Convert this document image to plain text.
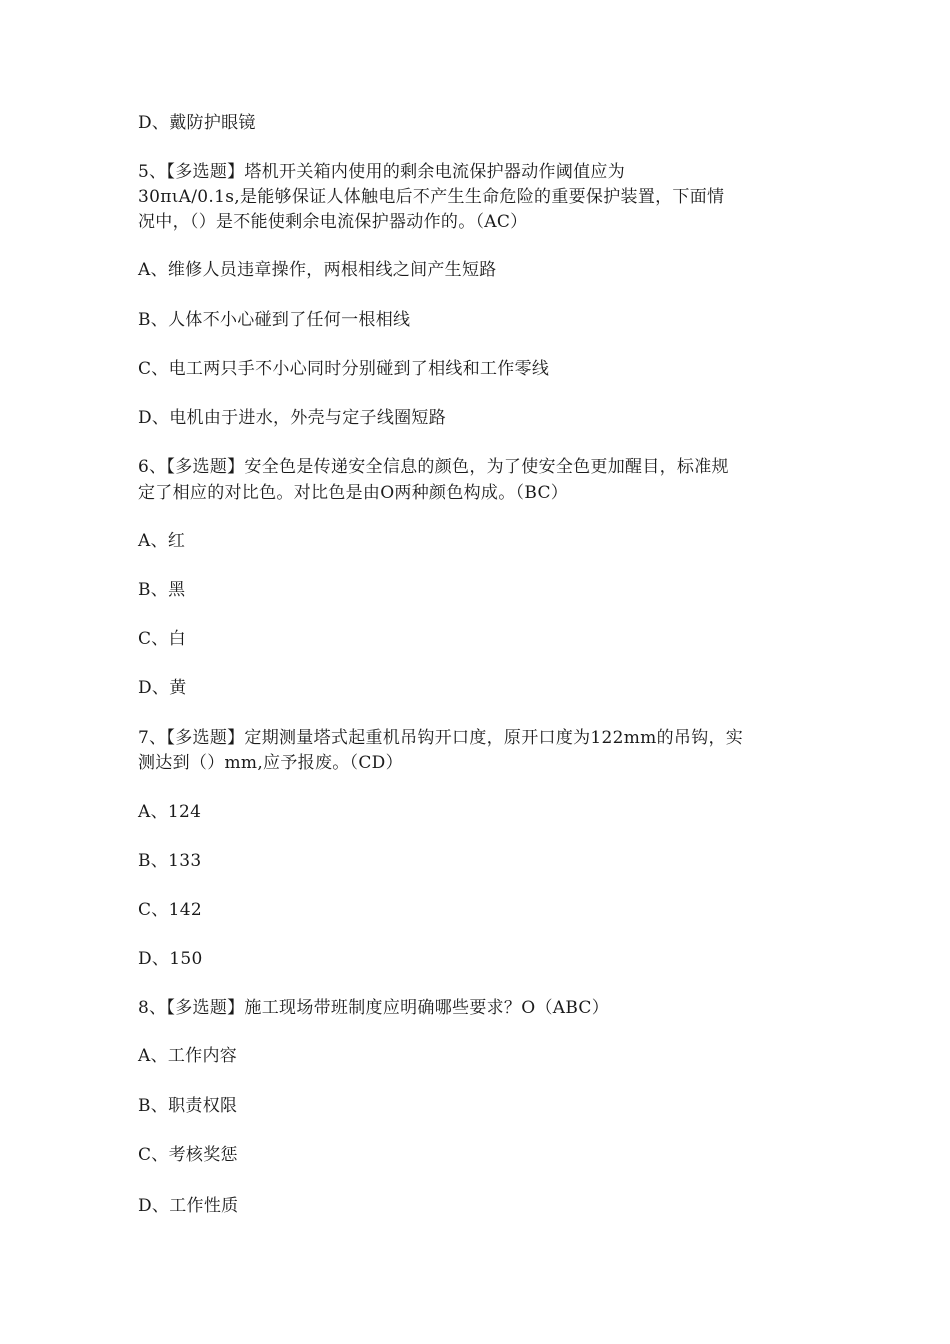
D、戴防护眼镜
5、【多选题】塔机开关箱内使用的剩余电流保护器动作阈值应为
30πιA/0.1s,是能够保证人体触电后不产生生命危险的重要保护装置，下面情
况中，（）是不能使剩余电流保护器动作的。（AC）
A、维修人员违章操作，两根相线之间产生短路
B、人体不小心碰到了任何一根相线
C、电工两只手不小心同时分别碰到了相线和工作零线
D、电机由于进水，外壳与定子线圈短路
6、【多选题】安全色是传递安全信息的颜色，为了使安全色更加醒目，标准规
定了相应的对比色。对比色是由O两种颜色构成。（BC）
A、红
B、黑
C、白
D、黄
7、【多选题】定期测量塔式起重机吊钩开口度，原开口度为122mm的吊钩，实
测达到（）mm,应予报废。（CD）
A、124
B、133
C、142
D、150
8、【多选题】施工现场带班制度应明确哪些要求？O（ABC）
A、工作内容
B、职责权限
C、考核奖惩
D、工作性质
